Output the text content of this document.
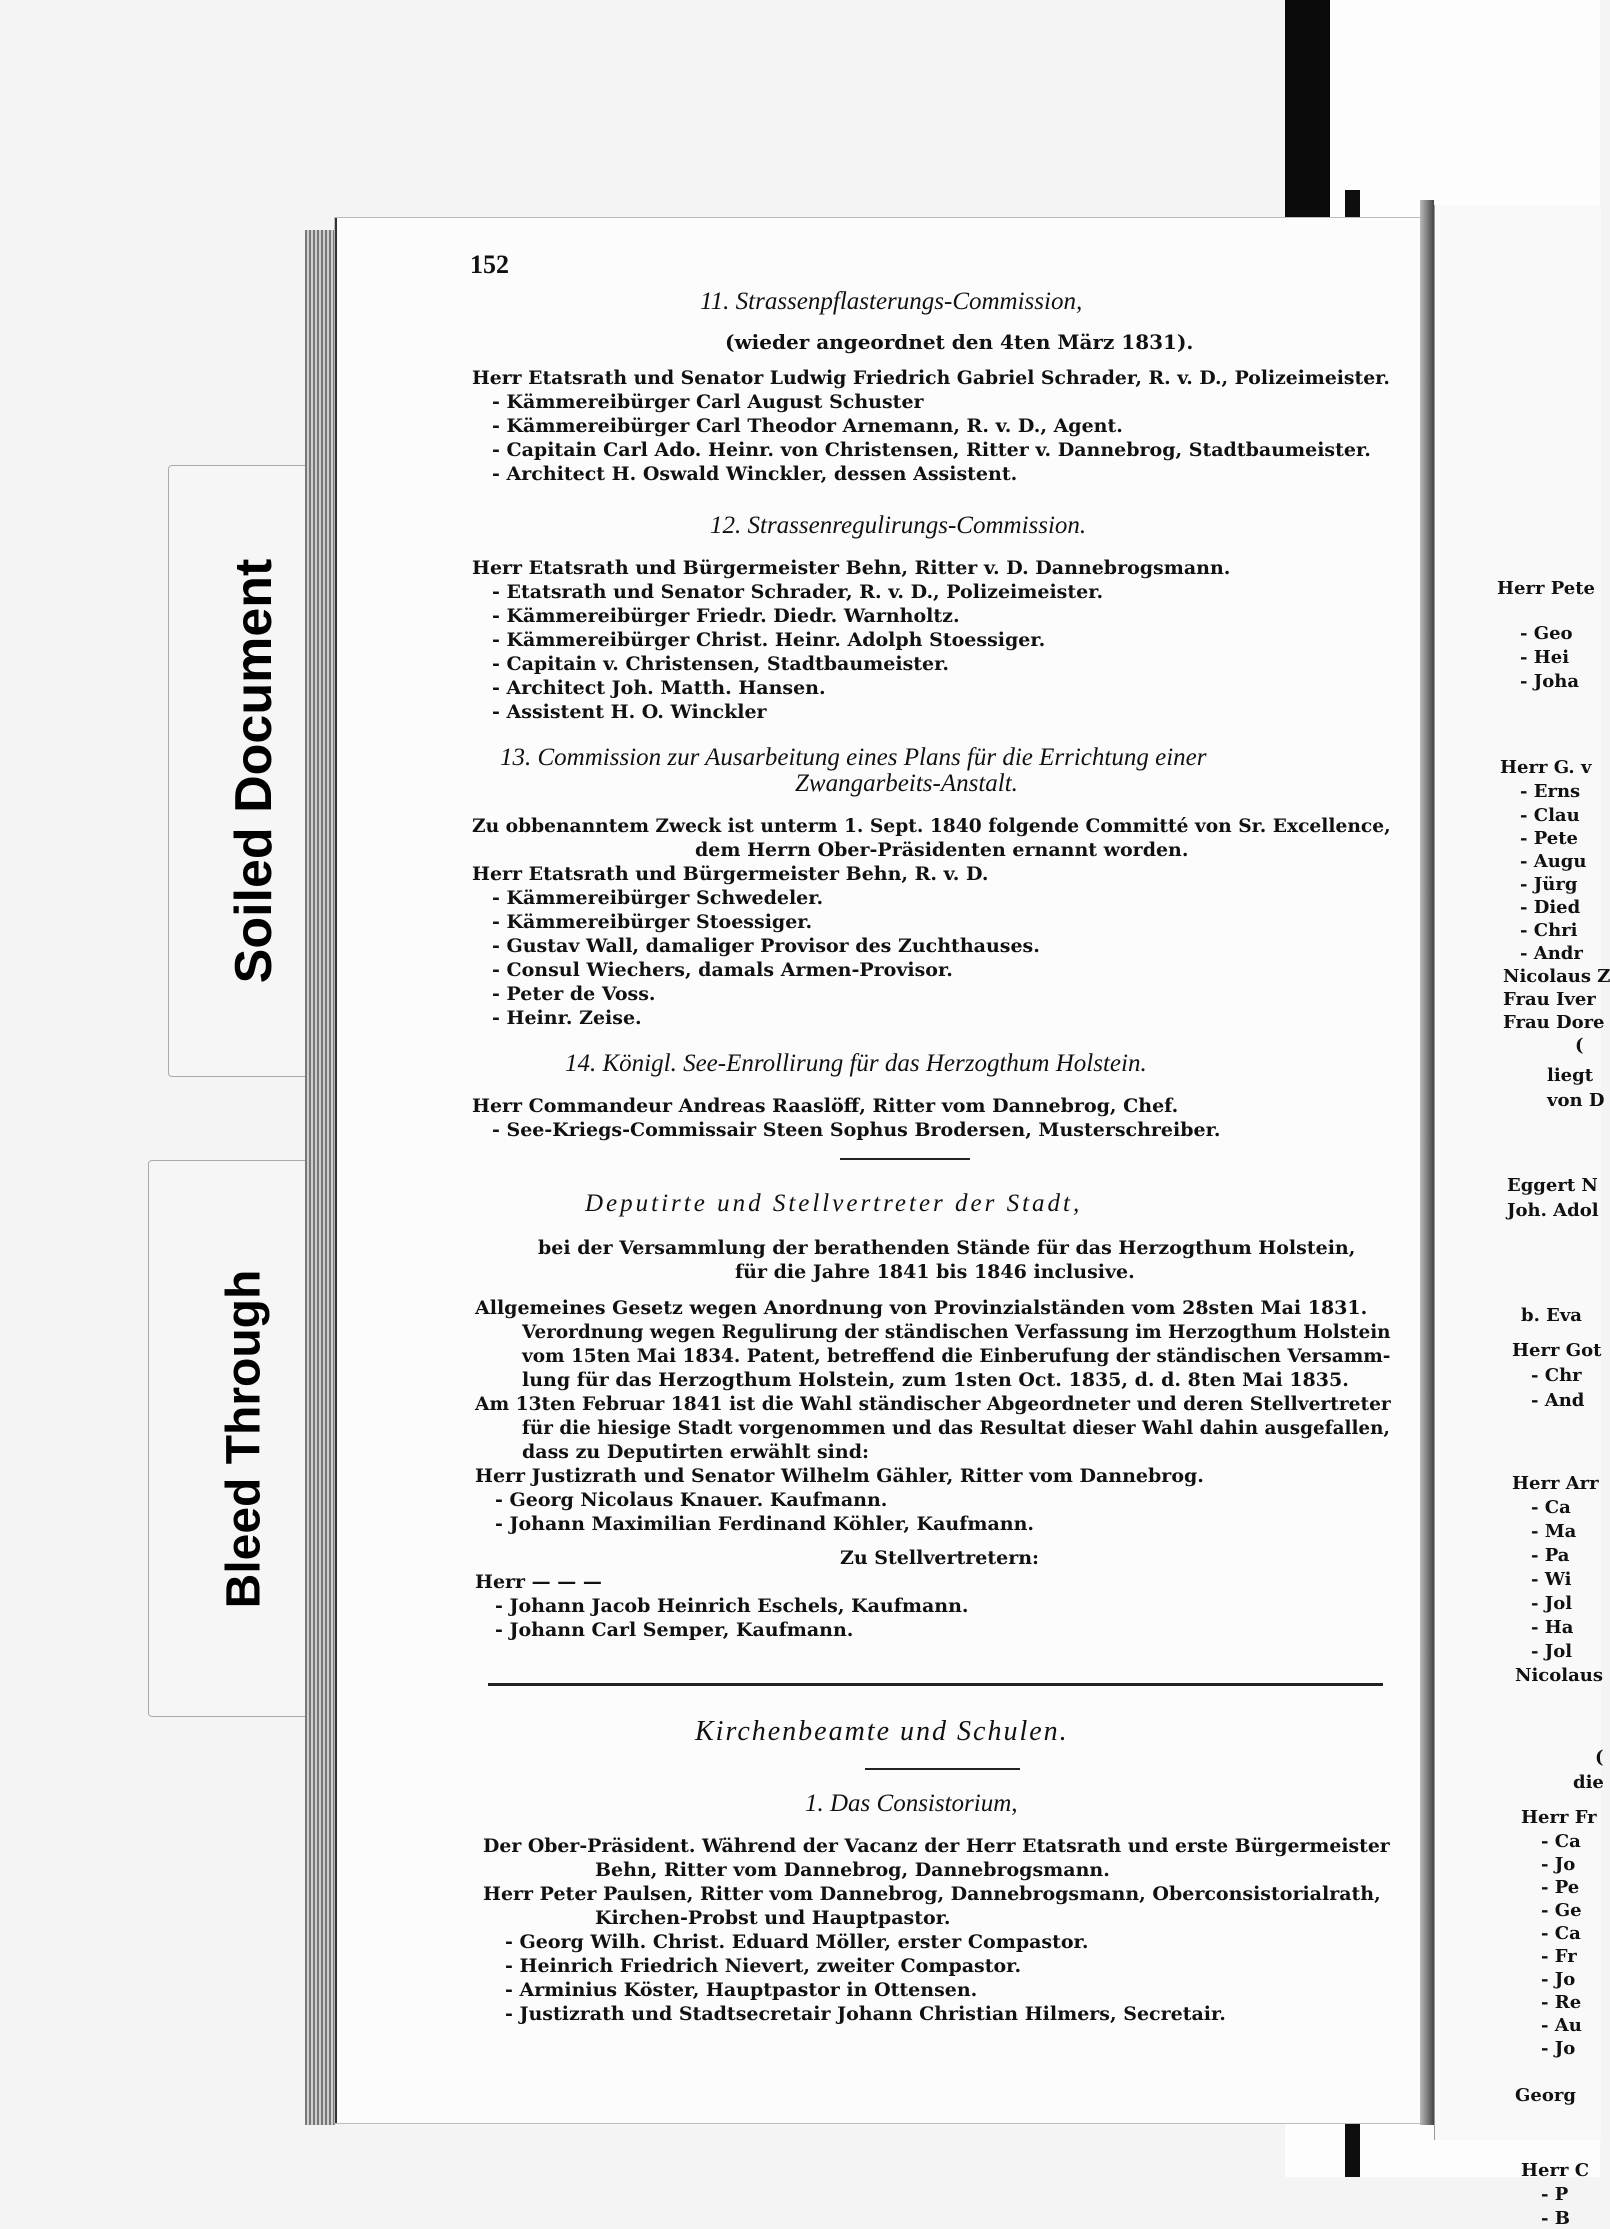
Soiled Document
Bleed Through
Herr Pete
- Geo
- Hei
- Joha
Herr G. v
- Erns
- Clau
- Pete
- Augu
- Jürg
- Died
- Chri
- Andr
Nicolaus Z
Frau Iver
Frau Dore
(
liegt
von D
Eggert N
Joh. Adol
b. Eva
Herr Got
- Chr
- And
Herr Arr
- Ca
- Ma
- Pa
- Wi
- Jol
- Ha
- Jol
Nicolaus
(
die
Herr Fr
- Ca
- Jo
- Pe
- Ge
- Ca
- Fr
- Jo
- Re
- Au
- Jo
Georg
Herr C
- P
- B
152
11. Strassenpflasterungs-Commission,
(wieder angeordnet den 4ten März 1831).
Herr Etatsrath und Senator Ludwig Friedrich Gabriel Schrader, R. v. D., Polizeimeister.
- Kämmereibürger Carl August Schuster
- Kämmereibürger Carl Theodor Arnemann, R. v. D., Agent.
- Capitain Carl Ado. Heinr. von Christensen, Ritter v. Dannebrog, Stadtbaumeister.
- Architect H. Oswald Winckler, dessen Assistent.
12. Strassenregulirungs-Commission.
Herr Etatsrath und Bürgermeister Behn, Ritter v. D. Dannebrogsmann.
- Etatsrath und Senator Schrader, R. v. D., Polizeimeister.
- Kämmereibürger Friedr. Diedr. Warnholtz.
- Kämmereibürger Christ. Heinr. Adolph Stoessiger.
- Capitain v. Christensen, Stadtbaumeister.
- Architect Joh. Matth. Hansen.
- Assistent H. O. Winckler
13. Commission zur Ausarbeitung eines Plans für die Errichtung einer
Zwangarbeits-Anstalt.
Zu obbenanntem Zweck ist unterm 1. Sept. 1840 folgende Committé von Sr. Excellence,
dem Herrn Ober-Präsidenten ernannt worden.
Herr Etatsrath und Bürgermeister Behn, R. v. D.
- Kämmereibürger Schwedeler.
- Kämmereibürger Stoessiger.
- Gustav Wall, damaliger Provisor des Zuchthauses.
- Consul Wiechers, damals Armen-Provisor.
- Peter de Voss.
- Heinr. Zeise.
14. Königl. See-Enrollirung für das Herzogthum Holstein.
Herr Commandeur Andreas Raaslöff, Ritter vom Dannebrog, Chef.
- See-Kriegs-Commissair Steen Sophus Brodersen, Musterschreiber.
Deputirte und Stellvertreter der Stadt,
bei der Versammlung der berathenden Stände für das Herzogthum Holstein,
für die Jahre 1841 bis 1846 inclusive.
Allgemeines Gesetz wegen Anordnung von Provinzialständen vom 28sten Mai 1831.
Verordnung wegen Regulirung der ständischen Verfassung im Herzogthum Holstein
vom 15ten Mai 1834. Patent, betreffend die Einberufung der ständischen Versamm-
lung für das Herzogthum Holstein, zum 1sten Oct. 1835, d. d. 8ten Mai 1835.
Am 13ten Februar 1841 ist die Wahl ständischer Abgeordneter und deren Stellvertreter
für die hiesige Stadt vorgenommen und das Resultat dieser Wahl dahin ausgefallen,
dass zu Deputirten erwählt sind:
Herr Justizrath und Senator Wilhelm Gähler, Ritter vom Dannebrog.
- Georg Nicolaus Knauer. Kaufmann.
- Johann Maximilian Ferdinand Köhler, Kaufmann.
Zu Stellvertretern:
Herr — — —
- Johann Jacob Heinrich Eschels, Kaufmann.
- Johann Carl Semper, Kaufmann.
Kirchenbeamte und Schulen.
1. Das Consistorium,
Der Ober-Präsident. Während der Vacanz der Herr Etatsrath und erste Bürgermeister
Behn, Ritter vom Dannebrog, Dannebrogsmann.
Herr Peter Paulsen, Ritter vom Dannebrog, Dannebrogsmann, Oberconsistorialrath,
Kirchen-Probst und Hauptpastor.
- Georg Wilh. Christ. Eduard Möller, erster Compastor.
- Heinrich Friedrich Nievert, zweiter Compastor.
- Arminius Köster, Hauptpastor in Ottensen.
- Justizrath und Stadtsecretair Johann Christian Hilmers, Secretair.
